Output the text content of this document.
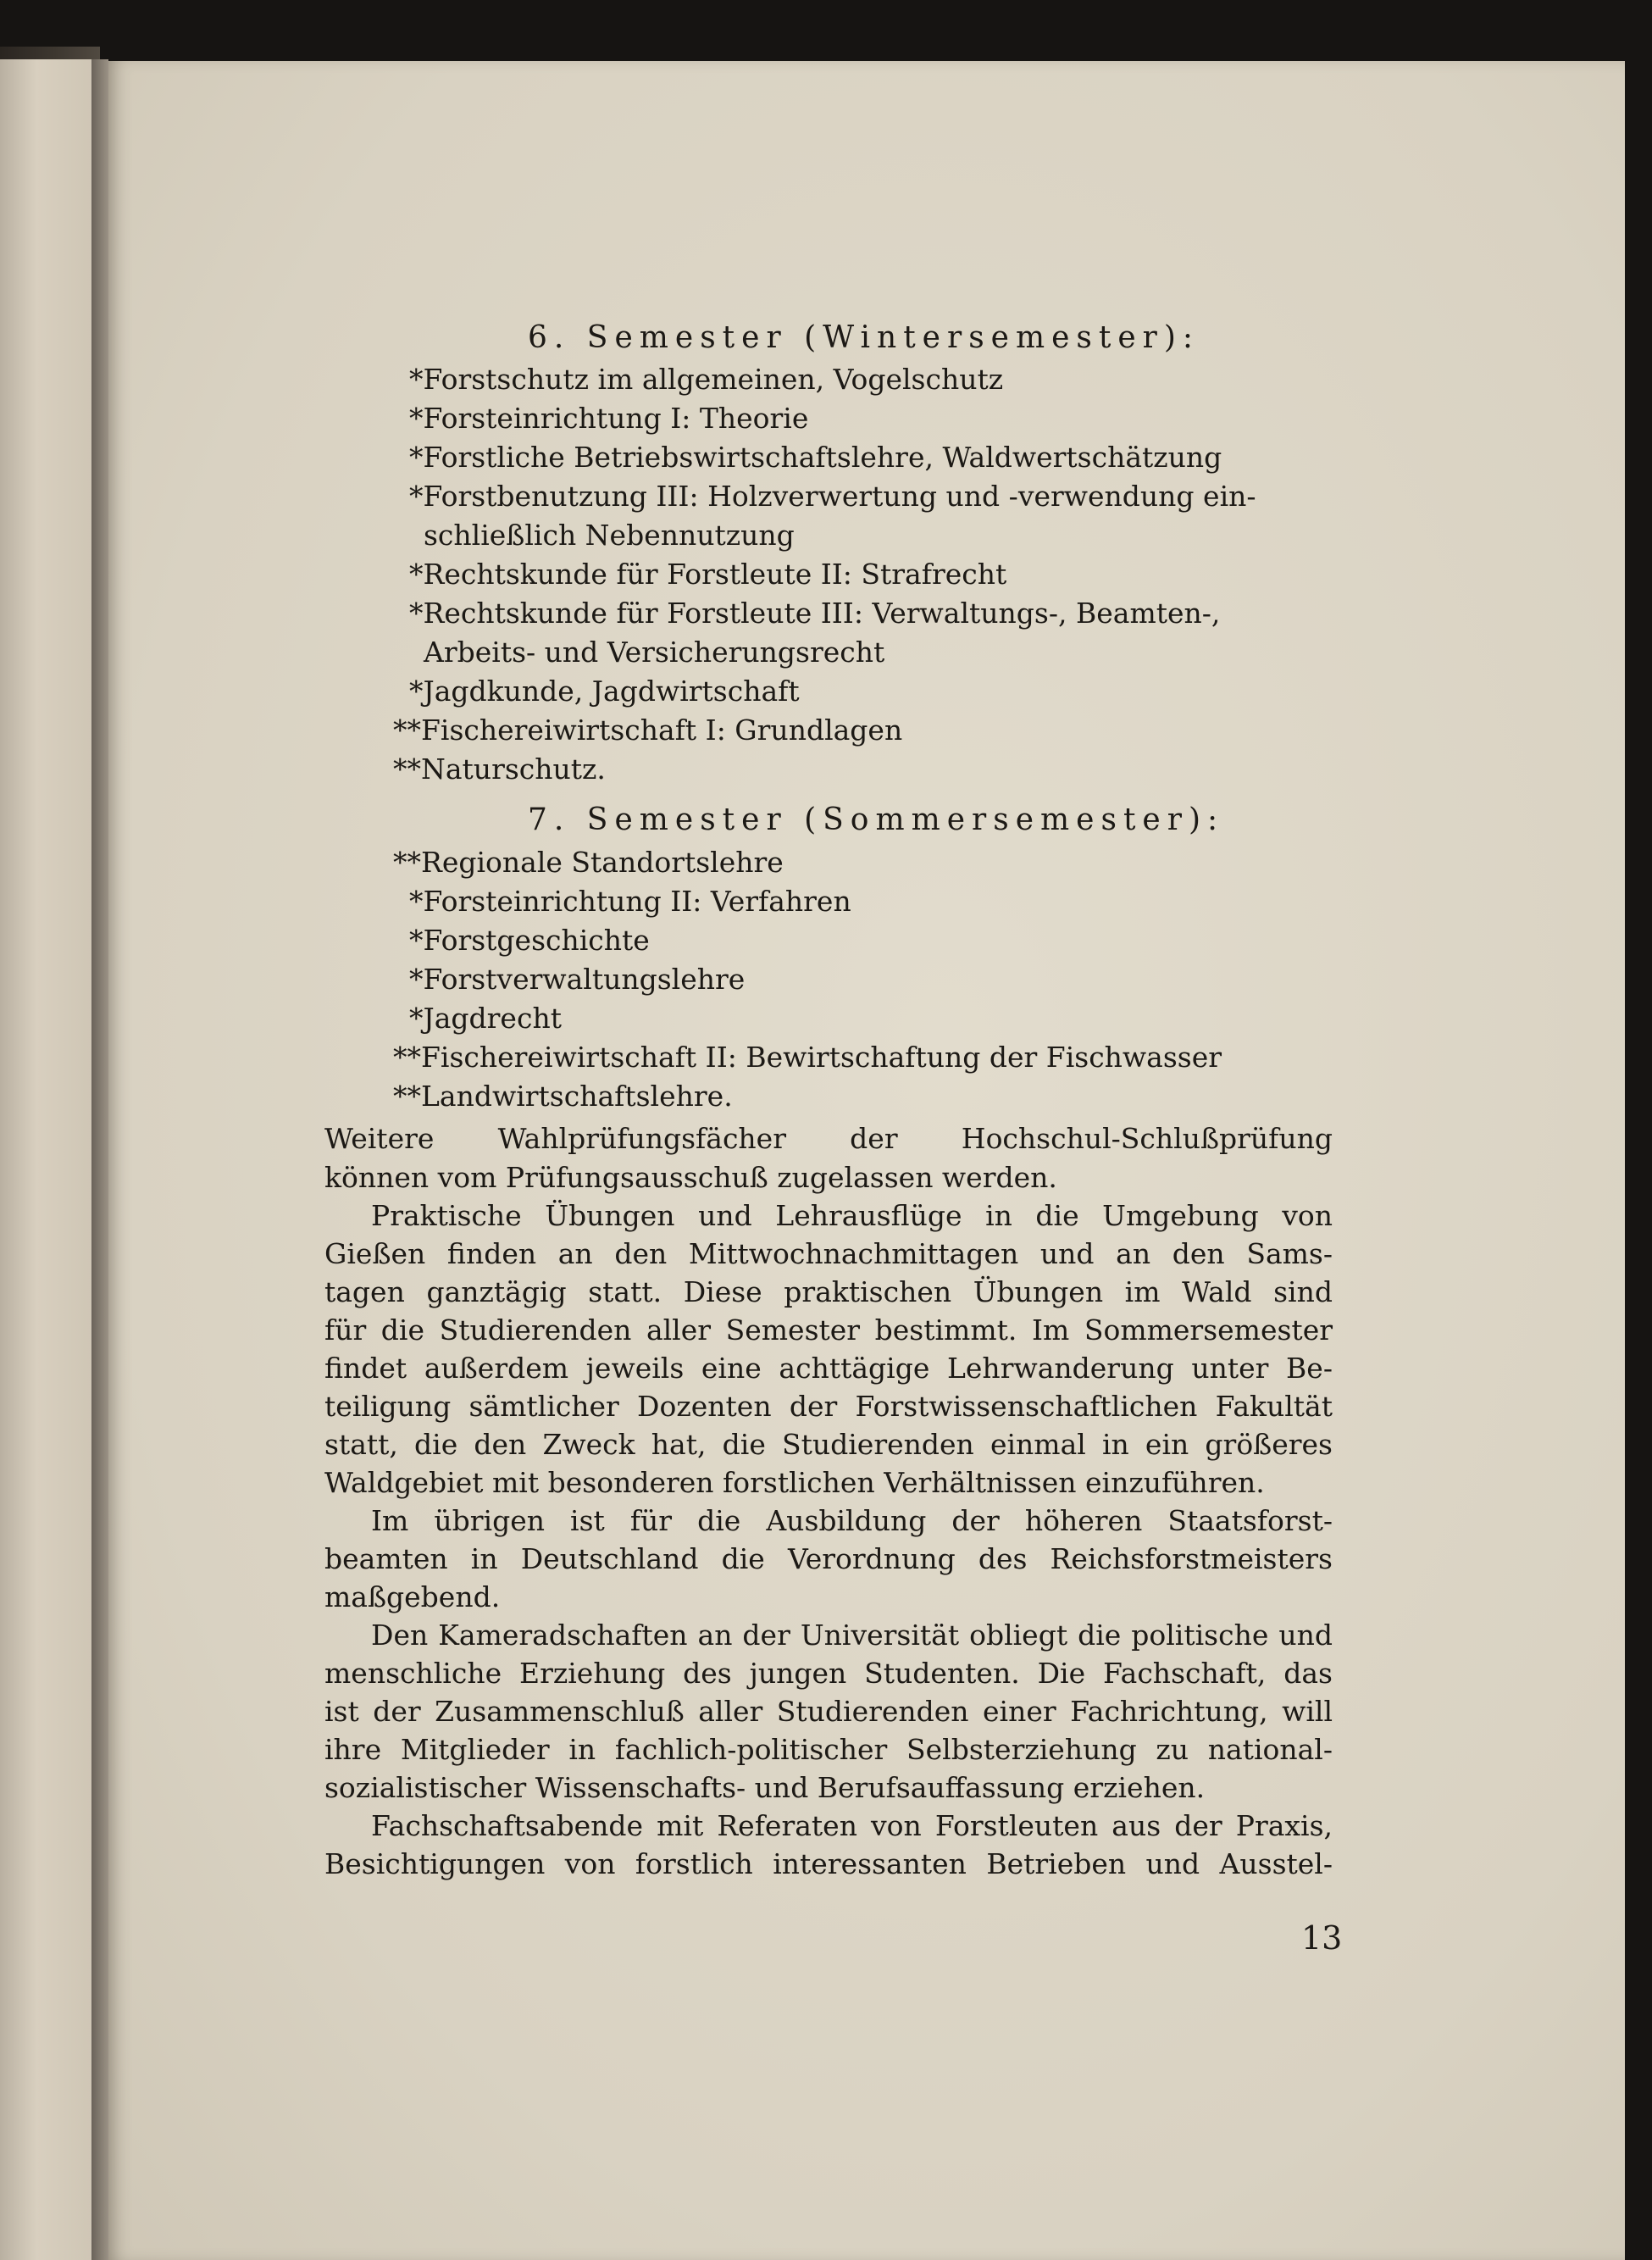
6. Semester (Wintersemester):
*Forstschutz im allgemeinen, Vogelschutz
*Forsteinrichtung I: Theorie
*Forstliche Betriebswirtschaftslehre, Waldwertschätzung
*Forstbenutzung III: Holzverwertung und -verwendung ein-
schließlich Nebennutzung
*Rechtskunde für Forstleute II: Strafrecht
*Rechtskunde für Forstleute III: Verwaltungs-, Beamten-,
Arbeits- und Versicherungsrecht
*Jagdkunde, Jagdwirtschaft
**Fischereiwirtschaft I: Grundlagen
**Naturschutz.
7. Semester (Sommersemester):
**Regionale Standortslehre
*Forsteinrichtung II: Verfahren
*Forstgeschichte
*Forstverwaltungslehre
*Jagdrecht
**Fischereiwirtschaft II: Bewirtschaftung der Fischwasser
**Landwirtschaftslehre.
Weitere Wahlprüfungsfächer der Hochschul-Schlußprüfung
können vom Prüfungsausschuß zugelassen werden.
Praktische Übungen und Lehrausflüge in die Umgebung von
Gießen finden an den Mittwochnachmittagen und an den Sams-
tagen ganztägig statt. Diese praktischen Übungen im Wald sind
für die Studierenden aller Semester bestimmt. Im Sommersemester
findet außerdem jeweils eine achttägige Lehrwanderung unter Be-
teiligung sämtlicher Dozenten der Forstwissenschaftlichen Fakultät
statt, die den Zweck hat, die Studierenden einmal in ein größeres
Waldgebiet mit besonderen forstlichen Verhältnissen einzuführen.
Im übrigen ist für die Ausbildung der höheren Staatsforst-
beamten in Deutschland die Verordnung des Reichsforstmeisters
maßgebend.
Den Kameradschaften an der Universität obliegt die politische und
menschliche Erziehung des jungen Studenten. Die Fachschaft, das
ist der Zusammenschluß aller Studierenden einer Fachrichtung, will
ihre Mitglieder in fachlich-politischer Selbsterziehung zu national-
sozialistischer Wissenschafts- und Berufsauffassung erziehen.
Fachschaftsabende mit Referaten von Forstleuten aus der Praxis,
Besichtigungen von forstlich interessanten Betrieben und Ausstel-
13
